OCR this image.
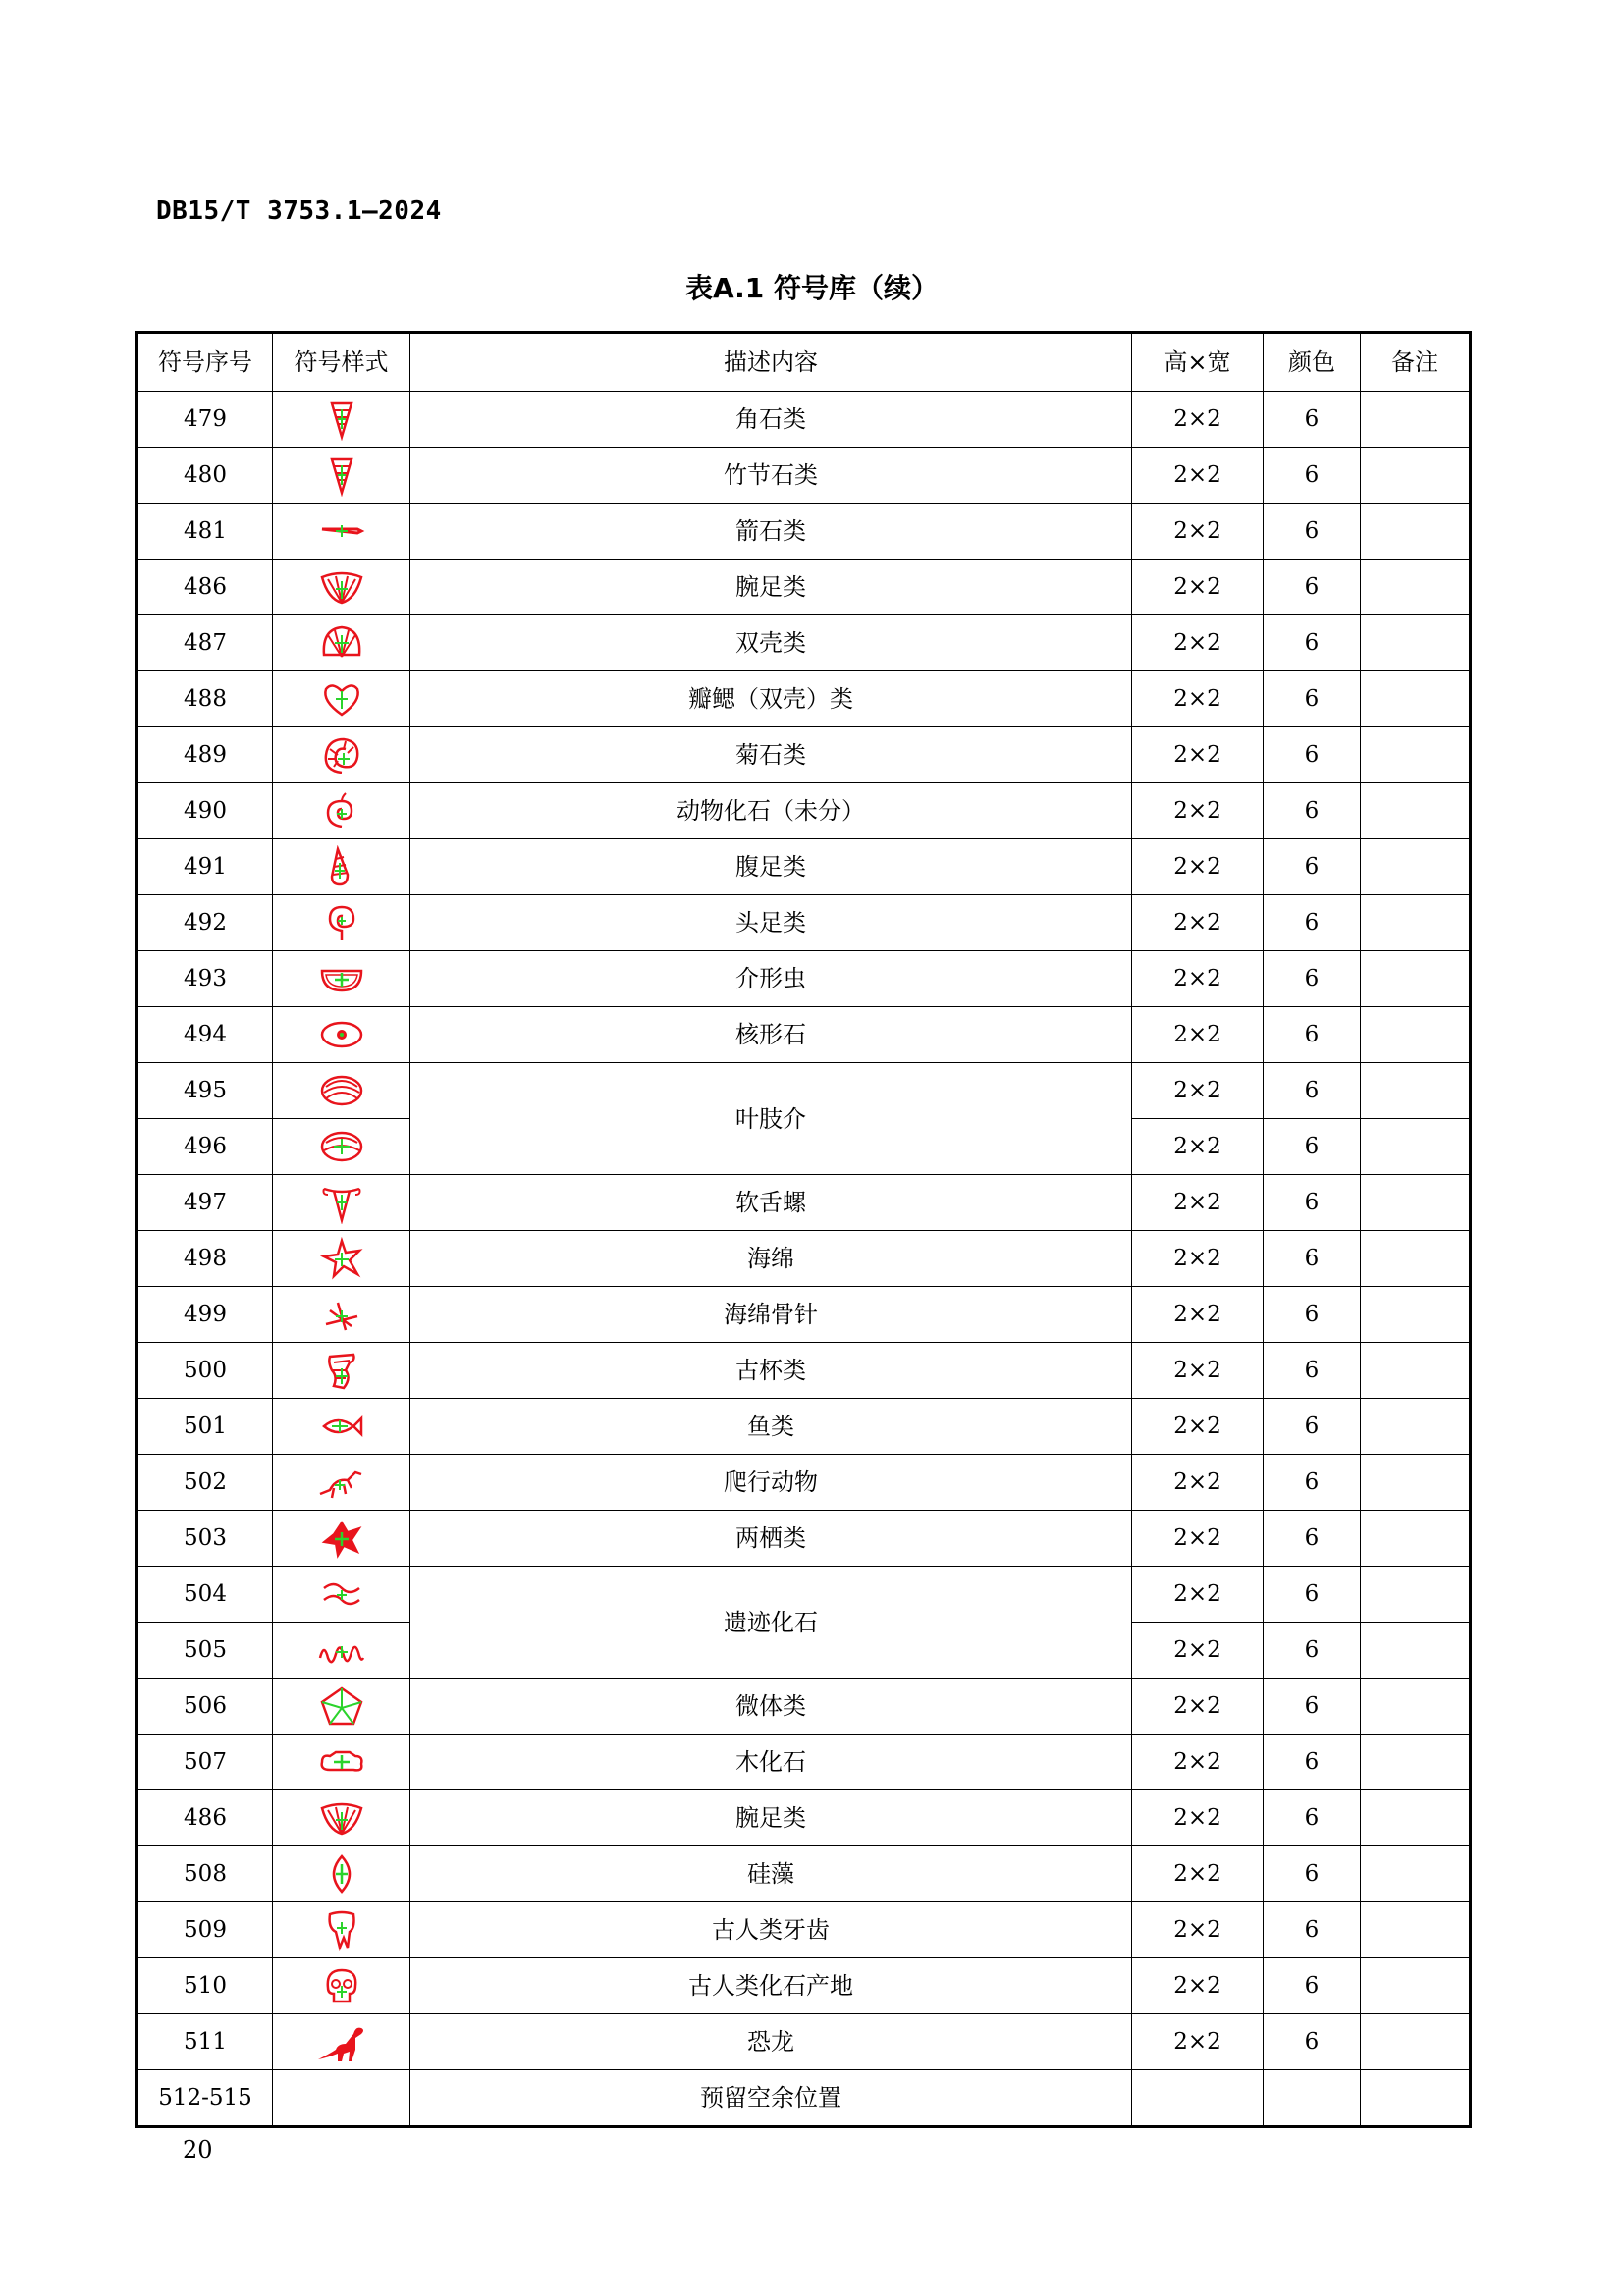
DB15/T 3753.1—2024
表A.1 符号库（续）
符号序号	符号样式	描述内容	高×宽	颜色	备注
479		角石类	2×2	6	
480		竹节石类	2×2	6	
481		箭石类	2×2	6	
486		腕足类	2×2	6	
487		双壳类	2×2	6	
488		瓣鳃（双壳）类	2×2	6	
489		菊石类	2×2	6	
490		动物化石（未分）	2×2	6	
491		腹足类	2×2	6	
492		头足类	2×2	6	
493		介形虫	2×2	6	
494		核形石	2×2	6	
495		叶肢介	2×2	6	
496			2×2	6	
497		软舌螺	2×2	6	
498		海绵	2×2	6	
499		海绵骨针	2×2	6	
500		古杯类	2×2	6	
501		鱼类	2×2	6	
502		爬行动物	2×2	6	
503		两栖类	2×2	6	
504		遗迹化石	2×2	6	
505			2×2	6	
506		微体类	2×2	6	
507		木化石	2×2	6	
486		腕足类	2×2	6	
508		硅藻	2×2	6	
509		古人类牙齿	2×2	6	
510		古人类化石产地	2×2	6	
511		恐龙	2×2	6	
512-515		预留空余位置			
20
